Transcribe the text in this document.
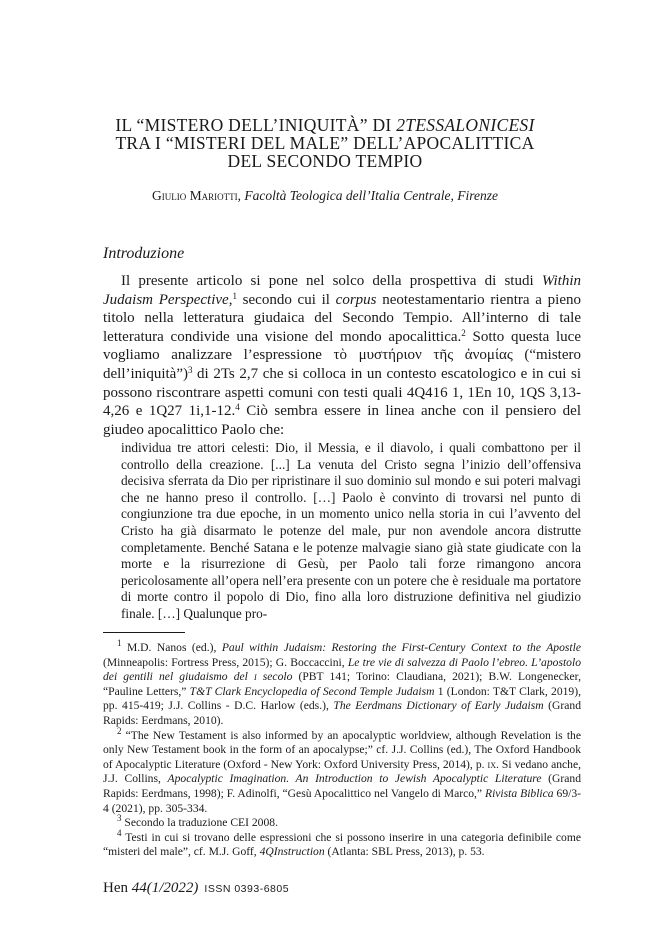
IL “MISTERO DELL’INIQUITÀ” DI 2TESSALONICESI
TRA I “MISTERI DEL MALE” DELL’APOCALITTICA
DEL SECONDO TEMPIO
Giulio Mariotti, Facoltà Teologica dell’Italia Centrale, Firenze
Introduzione

Il presente articolo si pone nel solco della prospettiva di studi Within Judaism Perspective,$^1$ secondo cui il corpus neotestamentario rientra a pieno titolo nella letteratura giudaica del Secondo Tempio. All’interno di tale letteratura condivide una visione del mondo apocalittica.$^2$ Sotto questa luce vogliamo analizzare l’espressione τὸ μυστήριον τῆς ἀνομίας (“mistero dell’iniquità”)$^3$ di 2Ts 2,7 che si colloca in un contesto escatologico e in cui si possono riscontrare aspetti comuni con testi quali 4Q416 1, 1En 10, 1QS 3,13-4,26 e 1Q27 1i,1-12.$^4$ Ciò sembra essere in linea anche con il pensiero del giudeo apocalittico Paolo che:

individua tre attori celesti: Dio, il Messia, e il diavolo, i quali combattono per il controllo della creazione. [...] La venuta del Cristo segna l’inizio dell’offensiva decisiva sferrata da Dio per ripristinare il suo dominio sul mondo e sui poteri malvagi che ne hanno preso il controllo. […] Paolo è convinto di trovarsi nel punto di congiunzione tra due epoche, in un momento unico nella storia in cui l’avvento del Cristo ha già disarmato le potenze del male, pur non avendole ancora distrutte completamente. Benché Satana e le potenze malvagie siano già state giudicate con la morte e la risurrezione di Gesù, per Paolo tali forze rimangono ancora pericolosamente all’opera nell’era presente con un potere che è residuale ma portatore di morte contro il popolo di Dio, fino alla loro distruzione definitiva nel giudizio finale. […] Qualunque pro-
$^1$ M.D. Nanos (ed.), Paul within Judaism: Restoring the First-Century Context to the Apostle (Minneapolis: Fortress Press, 2015); G. Boccaccini, Le tre vie di salvezza di Paolo l’ebreo. L’apostolo dei gentili nel giudaismo del i secolo (PBT 141; Torino: Claudiana, 2021); B.W. Longenecker, “Pauline Letters,” T&T Clark Encyclopedia of Second Temple Judaism 1 (London: T&T Clark, 2019), pp. 415-419; J.J. Collins - D.C. Harlow (eds.), The Eerdmans Dictionary of Early Judaism (Grand Rapids: Eerdmans, 2010).
$^2$ “The New Testament is also informed by an apocalyptic worldview, although Revelation is the only New Testament book in the form of an apocalypse;” cf. J.J. Collins (ed.), The Oxford Handbook of Apocalyptic Literature (Oxford - New York: Oxford University Press, 2014), p. ix. Si vedano anche, J.J. Collins, Apocalyptic Imagination. An Introduction to Jewish Apocalyptic Literature (Grand Rapids: Eerdmans, 1998); F. Adinolfi, “Gesù Apocalittico nel Vangelo di Marco,” Rivista Biblica 69/3-4 (2021), pp. 305-334.
$^3$ Secondo la traduzione CEI 2008.
$^4$ Testi in cui si trovano delle espressioni che si possono inserire in una categoria definibile come “misteri del male”, cf. M.J. Goff, 4QInstruction (Atlanta: SBL Press, 2013), p. 53.
Hen 44(1/2022) ISSN 0393-6805
